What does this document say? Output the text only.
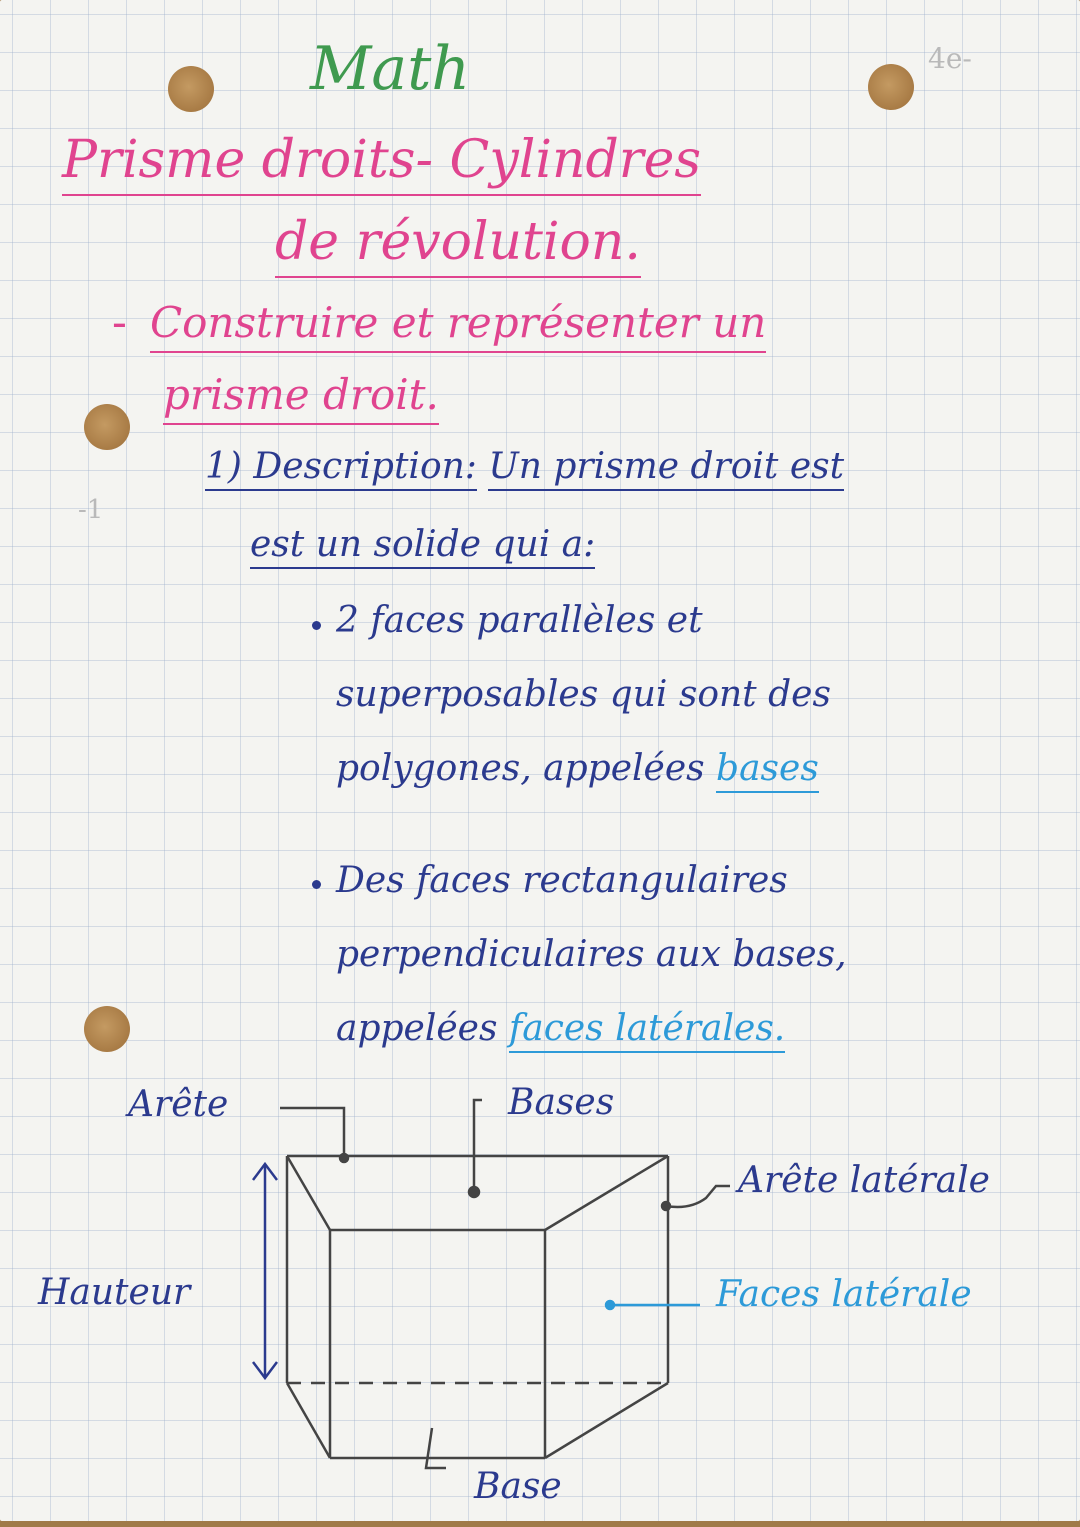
Math	4e-
Prisme droits- Cylindres
de révolution.
- Construire et représenter un
prisme droit.
-1
1) Description: Un prisme droit est
est un solide qui a:
2 faces parallèles et
superposables qui sont des
polygones, appelées bases
Des faces rectangulaires
perpendiculaires aux bases,
appelées faces latérales.
Arête	Bases
Arête latérale
Hauteur	Faces latérale
Base
